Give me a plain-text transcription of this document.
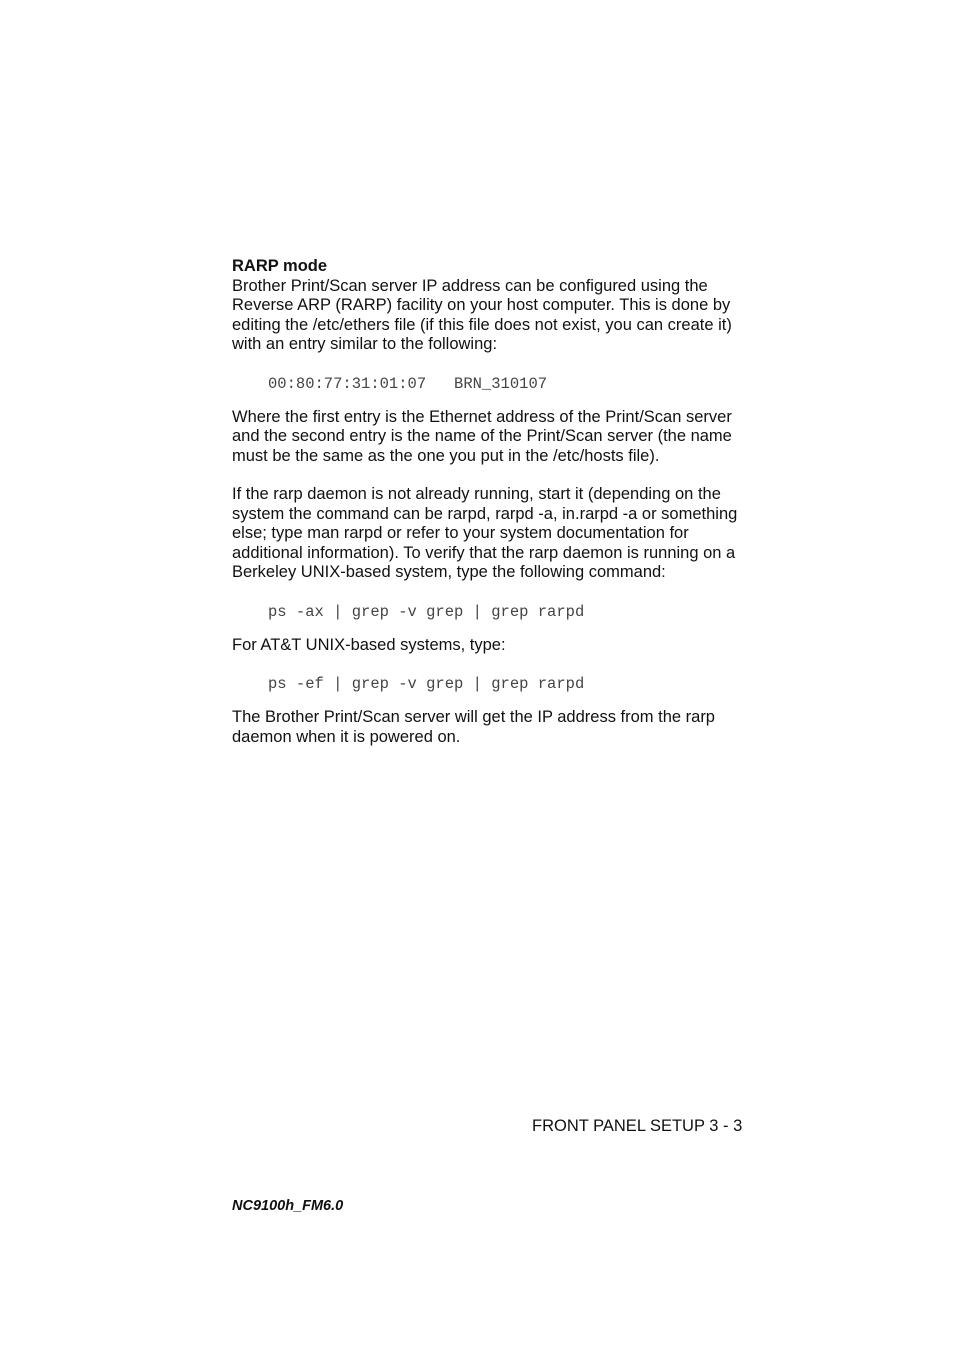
RARP mode

Brother Print/Scan server IP address can be configured using the Reverse ARP (RARP) facility on your host computer. This is done by editing the /etc/ethers file (if this file does not exist, you can create it) with an entry similar to the following:

00:80:77:31:01:07   BRN_310107

Where the first entry is the Ethernet address of the Print/Scan server and the second entry is the name of the Print/Scan server (the name must be the same as the one you put in the /etc/hosts file).

If the rarp daemon is not already running, start it (depending on the system the command can be rarpd, rarpd -a, in.rarpd -a or something else; type man rarpd or refer to your system documentation for additional information). To verify that the rarp daemon is running on a Berkeley UNIX-based system, type the following command:

ps -ax | grep -v grep | grep rarpd

For AT&T UNIX-based systems, type:

ps -ef | grep -v grep | grep rarpd

The Brother Print/Scan server will get the IP address from the rarp daemon when it is powered on.

FRONT PANEL SETUP 3 - 3
NC9100h_FM6.0
